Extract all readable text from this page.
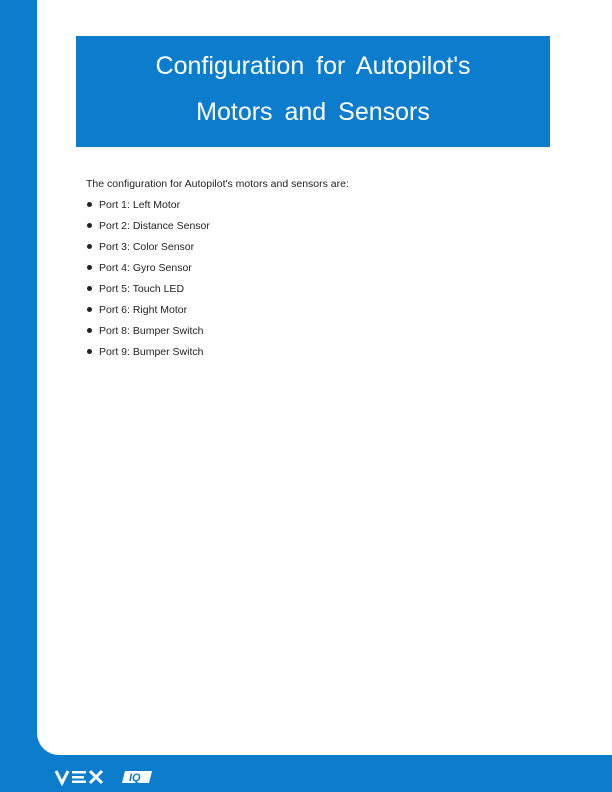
Configuration for Autopilot's
Motors and Sensors

The configuration for Autopilot's motors and sensors are:

Port 1: Left Motor
Port 2: Distance Sensor
Port 3: Color Sensor
Port 4: Gyro Sensor
Port 5: Touch LED
Port 6: Right Motor
Port 8: Bumper Switch
Port 9: Bumper Switch
IQ
